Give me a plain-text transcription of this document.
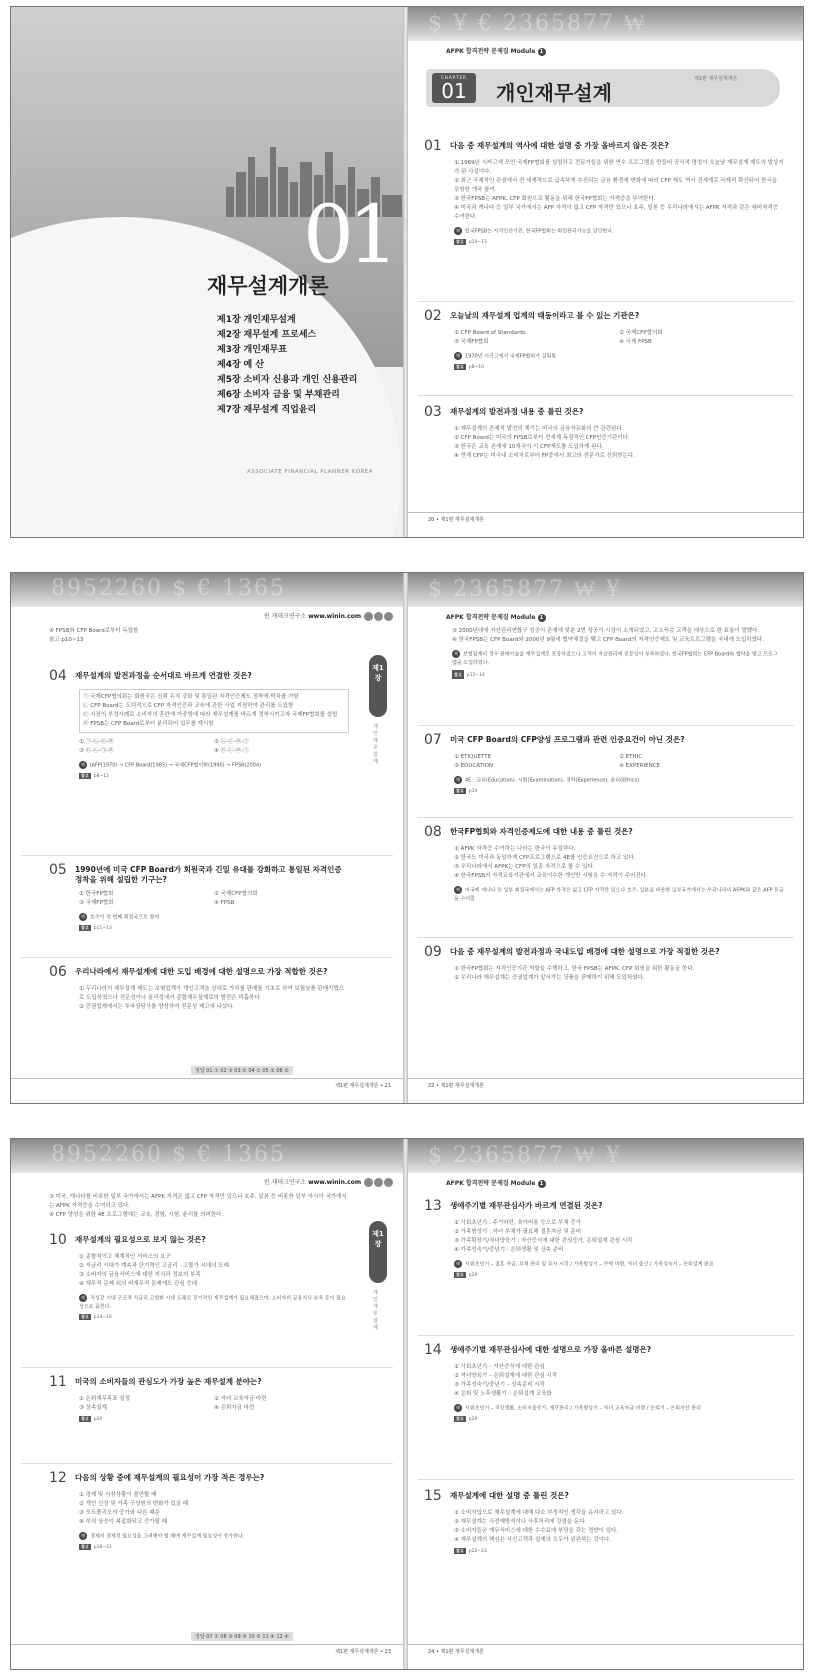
01
재무설계개론
제1장 개인재무설계
제2장 재무설계 프로세스
제3장 개인재무표
제4장 예 산
제5장 소비자 신용과 개인 신용관리
제6장 소비자 금융 및 부채관리
제7장 재무설계 직업윤리
ASSOCIATE FINANCIAL PLANNER KOREA
$ ¥ € 2365877 ₩
AFPK 합격전략 문제집 Module 1
CHAPTER
01	개인재무설계
제1편 재무설계개론
01	다음 중 재무설계의 역사에 대한 설명 중 가장 올바르지 않은 것은?
① 1969년 시카고에 모인 국제FP협회를 설립하고 전문가들을 위한 연수 프로그램을 만들어 공식적 명칭이 오늘날 재무설계 제도의 발상지가 된 사실이다.
② 최근 국제적인 관점에서 전 세계적으로 급속하게 추진되는 금융 환경에 변화에 따라 CFP 제도 역시 전세계로 국제적 확산되어 한국을 포함한 개국 참여.
③ 한국FPSB는 AFPK, CFP 회원으로 활동을 위해 한국FP협회는 자격증을 부여한다.
④ 미국과 캐나다 등 일부 국가에서는 AFP 자격이 없고 CFP 자격만 있으나 호주, 일본 등 우리나라에서는 AFPK 자격과 같은 예비자격증 수여한다.
해 한국FPSB는 자격인증기관, 한국FP협회는 회원관리기능을 담당한다.
참고 p10~13
02	오늘날의 재무설계 업계의 태동이라고 볼 수 있는 기관은?
① CFP Board of Standards	② 국제CFP협의회
③ 국제FP협회	④ 국제 FPSB
해 1970년 시카고에서 국제FP협회가 설립됨
참고 p8~10
03	재무설계의 발전과정 내용 중 틀린 것은?
① 재무설계의 존재적 발전의 계기는 미국의 금융자유화의 큰 관련된다.
② CFP Board는 미국의 FPSB로부터 전세계 독점적인 CFP인증기관이다.
③ 한국은 교육 존재에 10개국이 이 CFP제도를 도입하게 된다.
④ 현재 CFP는 미국내 소비자로부터 FP중에서 최고의 전문가로 신뢰받는다.
20 • 제1편 재무설계개론
8952260 $ € 1365
윈 재테크연구소 www.winin.com
④ FPSB와 CFP Board로부터 독립함
참고 p10~13
제1장
개인재무설계
04	재무설계의 발전과정을 순서대로 바르게 연결한 것은?
㉠ 국제CFP협의회는 회원국은 신뢰 유지 강화 및 통일된 자격인증제도 정착에 박차를 가함
㉡ CFP Board는 도덕적으로 CFP 자격인증과 교육에 관한 사업 지원하여 관리를 도입함
㉢ 시장의 부정사례로 소비자의 혼란에 가중함에 따라 재무설계를 바르게 정착시키고자 국제FP협회를 설립
㉣ FPSB는 CFP Board로부터 분리되어 업무를 계시함
① ㉠-㉡-㉢-㉣	② ㉡-㉢-㉣-㉠
③ ㉢-㉡-㉠-㉣	④ ㉢-㉡-㉣-㉠
해 IAFP(1970) → CFP Board(1985) → 국제CFP협의회(1990) → FPSB(2004)
참고 p8~12
05	1990년에 미국 CFP Board가 회원국과 긴밀 유대를 강화하고 통일된 자격인증 정착을 위해 설립한 기구는?
① 한국FP협회	② 국제CFP협의회
③ 국제FP협회	④ FPSB
해 호주가 첫 번째 회원국으로 참여
참고 p11~13
06	우리나라에서 재무설계에 대한 도입 배경에 대한 설명으로 가장 적합한 것은?
① 우리나라의 재무설계 제도는 보험업계가 개인고객을 상대로 가치를 판매를 기초로 하여 보험상품 판매기법으로 도입하였으나 전문성이나 윤리성에서 종합재무설계로의 발전은 미흡하다.
② 증권업계에서는 투자상담사를 양성하여 전문성 제고에 나섰다.
정답 01 ① 02 ③ 03 ② 04 ① 05 ② 06 ②
제1편 재무설계개론 • 21
$ 2365877 ₩ ¥
AFPK 합격전략 문제집 Module 1
③ 2000년대에 자산관리연합구 성공이 존재에 맞춘 2번 성공이 시장이 소개되었고, 고소득층 고객을 대상으로 한 효율이 발했다.
④ 한국FPSB는 CFP Board와 2000년 9월에 협약체결을 맺고 CFP Board의 자격인증제도 및 교육프로그램을 국내에 도입하였다.
해 보험업계의 경우 판매기술을 재무설계로 포장하였으나 고객의 자산관리에 전문성이 부족하였다. 한국FP협회는 CFP Board와 협약을 맺고 프로그램을 도입하였다.
참고 p12~14
07	미국 CFP Board의 CFP양성 프로그램과 관련 인증요건이 아닌 것은?
① ETIQUETTE	② ETHIC
③ EDUCATION	④ EXPERIENCE
해 4E : 교육(Education), 시험(Examination), 경력(Experience), 윤리(Ethics)
참고 p14
08	한국FP협회와 자격인증제도에 대한 내용 중 틀린 것은?
① AFPK 자격증 수여하는 나라는 한국이 유일하다.
② 한국도 미국과 동일하게 CFP프로그램으로 4E를 인증요건으로 하고 있다.
③ 우리나라에서 AFPK는 CFP의 일종 자격으로 볼 수 있다.
④ 한국FPSB의 자격교육기관에서 교육이수한 개인만 시험을 수 자격이 주어진다.
해 미국에 캐나다 등 일부 회원국에서는 AFP 자격은 없고 CFP 자격만 있으나 호주, 일본을 비롯한 일부국가에서는 우리나라의 AFPK와 같은 AFP 등급을 수여함
09	다음 중 재무설계의 발전과정과 국내도입 배경에 대한 설명으로 가장 적절한 것은?
① 한국FP협회는 자격인증기관 역할을 수행하고, 한국 FPSB는 AFPK, CFP 회원을 위한 활동을 한다.
② 우리나라 재무설계는 증권업계가 앞서가는 상품을 판매하기 위해 도입하였다.
22 • 제1편 재무설계개론
8952260 $ € 1365
윈 재테크연구소 www.winin.com
③ 미국, 캐나다를 비롯한 일부 국가에서는 AFPK 자격은 없고 CFP 자격만 있으나 호주, 일본 등 비롯한 일부 아시아 국가에서는 AFPK 자격증을 수여하고 있다.
④ CFP 양성을 위한 4E 프로그램에는 교육, 경험, 시험, 윤리를 의미한다.
제1장
개인재무설계
10	재무설계의 필요성으로 보지 않는 것은?
① 종합적이고 체계적인 서비스의 요구
② 저금리 시대가 계속과 단기적인 고금리 · 고물가 시대의 도래
③ 소비자의 금융서비스에 대한 지식과 정보의 부족
④ 재무적 문제 외의 비재무적 문제에도 관심 증대
해 저성장 시대 구조적 저금리 고령화 시대 도래로 장기적인 재무설계가 필요해졌으며, 소비자의 금융지식 부족 등이 필요성으로 꼽힌다.
참고 p14~16
11	미국의 소비자들의 관심도가 가장 높은 재무설계 분야는?
① 은퇴재무목표 설정	② 자녀 교육자금 마련
③ 상속설계	④ 은퇴자금 마련
참고 p20
12	다음의 상황 중에 재무설계의 필요성이 가장 적은 경우는?
① 경제 및 시장상황이 불안할 때
② 개인 신상 및 가족 구성원의 변화가 있을 때
③ 포트폴리오의 증가와 다른 때문
④ 부의 상승이 복잡화되고 증가될 때
해 경제의 경제적 필요성을 고려해야 할 때에 재무설계 필요성이 증가한다.
참고 p18~21
정답 07 ① 08 ③ 09 ③ 10 ② 11 ④ 12 ④
제1편 재무설계개론 • 23
$ 2365877 ₩ ¥
AFPK 합격전략 문제집 Module 1
13	생애주기별 재무관심사가 바르게 연결된 것은?
① 사회초년기 : 주거마련, 육아비용 등으로 부채 증가
② 가족형성기 : 자녀 부채가 필요해 결혼자금 및 준비
③ 가족확장기/자녀양육기 : 자산증식에 대한 관심증가, 은퇴설계 관심 시작
④ 가족성숙기/중년기 : 은퇴생활 및 상속 준비
해 사회초년기 – 결혼 자금, 부채 관리 및 투자 시작 / 가족형성기 – 주택 마련, 자녀 출산 / 가족성숙기 – 은퇴설계 완료
참고 p20
14	생애주기별 재무관심사에 대한 설명으로 가장 올바른 설명은?
① 사회초년기 – 자산증식에 대한 관심
② 자녀양육기 – 은퇴설계에 대한 관심 시작
③ 가족성숙기/중년기 – 상속준비 시작
④ 은퇴 및 노후생활기 – 은퇴설계 교육화
해 사회초년기 – 직장생활, 소비지출증가, 재무관리 / 가족형성기 – 자녀 교육자금 마련 / 은퇴기 – 은퇴자산 관리
참고 p20
15	재무설계에 대한 설명 중 틀린 것은?
① 소비자입으로 재무설계에 대해 다소 부정적인 생각을 유지하고 있다.
② 재무설계는 사전예방적이나 사후처리에 강점을 둔다.
③ 소비자들은 재무서비스에 대한 수수료에 부담을 갖는 경향이 있다.
④ 재무설계의 핵심은 서신고객과 설계의 모두가 윈윈하는 것이다.
참고 p22~23
24 • 제1편 재무설계개론
